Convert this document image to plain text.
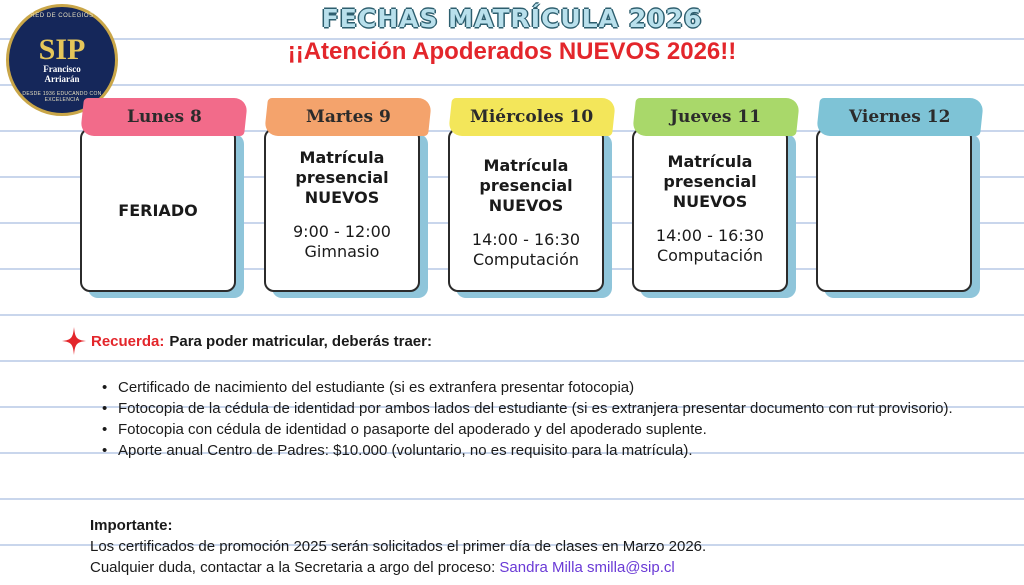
RED DE COLEGIOS
SIP
Francisco
Arriarán
DESDE 1936 EDUCANDO CON EXCELENCIA
FECHAS MATRÍCULA 2026
¡¡Atención Apoderados NUEVOS 2026!!
FERIADO
Lunes 8
Matrícula
presencial
NUEVOS
9:00 - 12:00
Gimnasio
Martes 9
Matrícula
presencial
NUEVOS
14:00 - 16:30
Computación
Miércoles 10
Matrícula
presencial
NUEVOS
14:00 - 16:30
Computación
Jueves 11	Viernes 12
Recuerda: Para poder matricular, deberás traer:
• Certificado de nacimiento del estudiante (si es extranfera presentar fotocopia)
• Fotocopia de la cédula de identidad por ambos lados del estudiante (si es extranjera presentar documento con rut provisorio).
• Fotocopia con cédula de identidad o pasaporte del apoderado y del apoderado suplente.
• Aporte anual Centro de Padres: $10.000 (voluntario, no es requisito para la matrícula).
Importante:
Los certificados de promoción 2025 serán solicitados el primer día de clases en Marzo 2026.
Cualquier duda, contactar a la Secretaria a argo del proceso: Sandra Milla smilla@sip.cl
